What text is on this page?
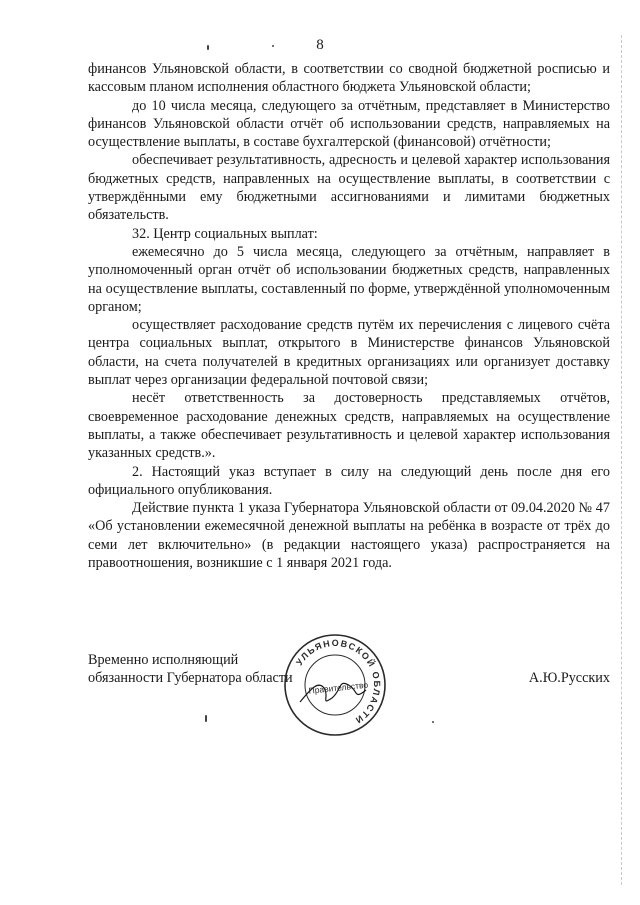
8

финансов Ульяновской области, в соответствии со сводной бюджетной росписью и кассовым планом исполнения областного бюджета Ульяновской области;

до 10 числа месяца, следующего за отчётным, представляет в Министерство финансов Ульяновской области отчёт об использовании средств, направляемых на осуществление выплаты, в составе бухгалтерской (финансовой) отчётности;

обеспечивает результативность, адресность и целевой характер использования бюджетных средств, направленных на осуществление выплаты, в соответствии с утверждёнными ему бюджетными ассигнованиями и лимитами бюджетных обязательств.

32. Центр социальных выплат:

ежемесячно до 5 числа месяца, следующего за отчётным, направляет в уполномоченный орган отчёт об использовании бюджетных средств, направленных на осуществление выплаты, составленный по форме, утверждённой уполномоченным органом;

осуществляет расходование средств путём их перечисления с лицевого счёта центра социальных выплат, открытого в Министерстве финансов Ульяновской области, на счета получателей в кредитных организациях или организует доставку выплат через организации федеральной почтовой связи;

несёт ответственность за достоверность представляемых отчётов, своевременное расходование денежных средств, направляемых на осуществление выплаты, а также обеспечивает результативность и целевой характер использования указанных средств.».

2. Настоящий указ вступает в силу на следующий день после дня его официального опубликования.

Действие пункта 1 указа Губернатора Ульяновской области от 09.04.2020 № 47 «Об установлении ежемесячной денежной выплаты на ребёнка в возрасте от трёх до семи лет включительно» (в редакции настоящего указа) распространяется на правоотношения, возникшие с 1 января 2021 года.

Временно исполняющий
обязанности Губернатора области	А.Ю.Русских
УЛЬЯНОВСКОЙ ОБЛАСТИ
Правительство
